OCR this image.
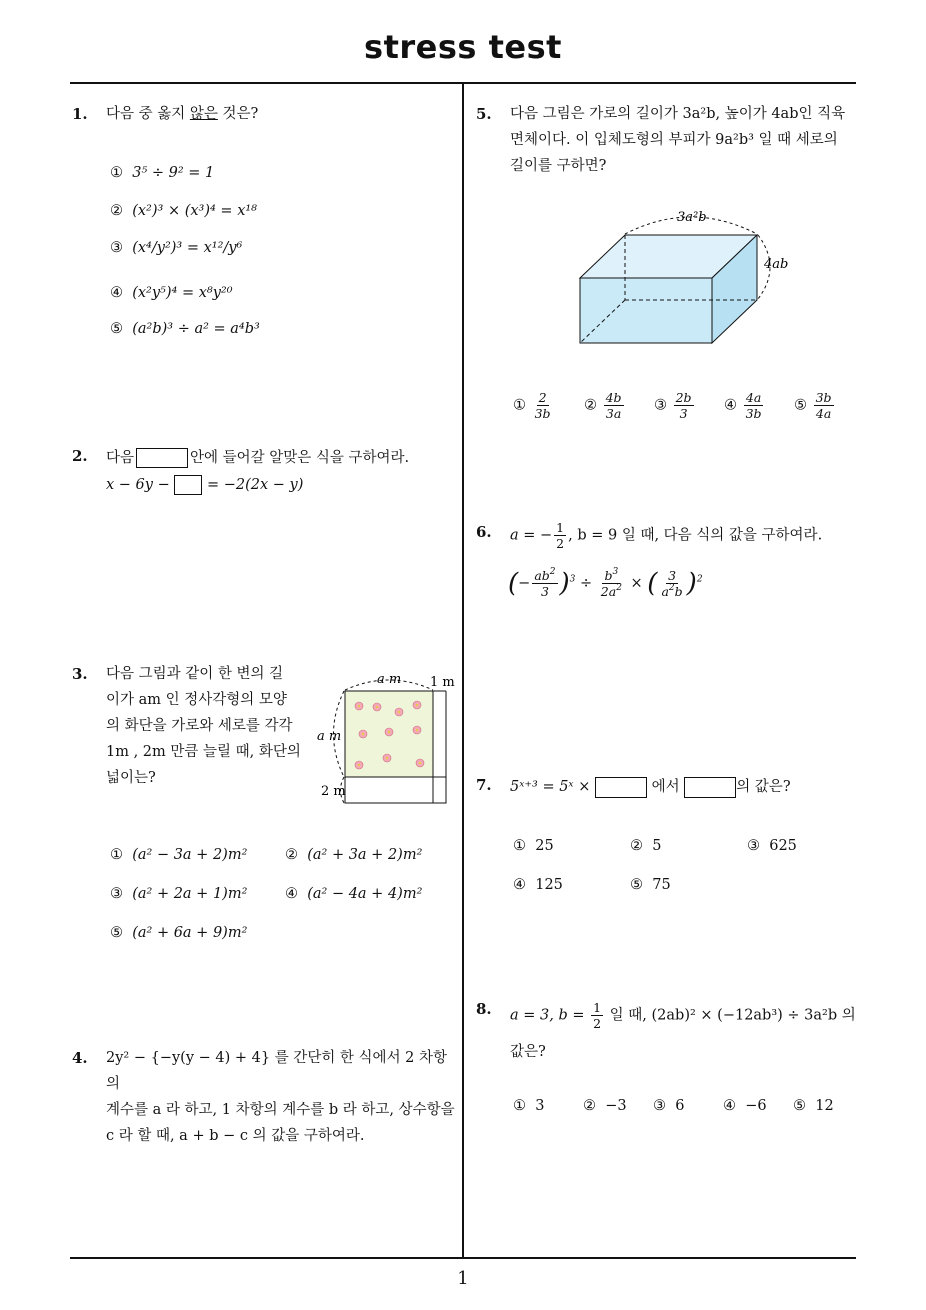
stress test
1
1. 다음 중 옳지 않은 것은?
① 3⁵ ÷ 9² = 1
② (x²)³ × (x³)⁴ = x¹⁸
③ (x⁴/y²)³ = x¹²/y⁶
④ (x²y⁵)⁴ = x⁸y²⁰
⑤ (a²b)³ ÷ a² = a⁴b³
2. 다음	안에 들어갈 알맞은 식을 구하여라.
x − 6y −	= −2(2x − y)
3. 다음 그림과 같이 한 변의 길
이가 am 인 정사각형의 모양
의 화단을 가로와 세로를 각각
1m , 2m 만큼 늘릴 때, 화단의
넓이는?
a m 1 m
a m
2 m
① (a² − 3a + 2)m²	② (a² + 3a + 2)m²
③ (a² + 2a + 1)m²	④ (a² − 4a + 4)m²
⑤ (a² + 6a + 9)m²
4. 2y² − {−y(y − 4) + 4} 를 간단히 한 식에서 2 차항의
계수를 a 라 하고, 1 차항의 계수를 b 라 하고, 상수항을
c 라 할 때, a + b − c 의 값을 구하여라.
5. 다음 그림은 가로의 길이가 3a²b, 높이가 4ab인 직육
면체이다. 이 입체도형의 부피가 9a²b³ 일 때 세로의
길이를 구하면?
3a²b
4ab
① $\frac{2}{3b}$ ② $\frac{4b}{3a}$ ③ $\frac{2b}{3}$ ④ $\frac{4a}{3b}$ ⑤ $\frac{3b}{4a}$
6. a = − $\frac{1}{2}$ , b = 9 일 때, 다음 식의 값을 구하여라.
(− $\frac{ab^2}{3} )^3 \div \frac{b^3}{2a^2}$ × ( $\frac{3}{a^2b} )^2$
7. 5ˣ⁺³ = 5ˣ ×	에서	의 값은?
① 25	② 5	③ 625
④ 125	⑤ 75
8. a = 3, $b = \frac{1}{2}$ 일 때, (2ab)² × (−12ab³) ÷ 3a²b 의
값은?
① 3	② −3 ③ 6	④ −6 ⑤ 12
